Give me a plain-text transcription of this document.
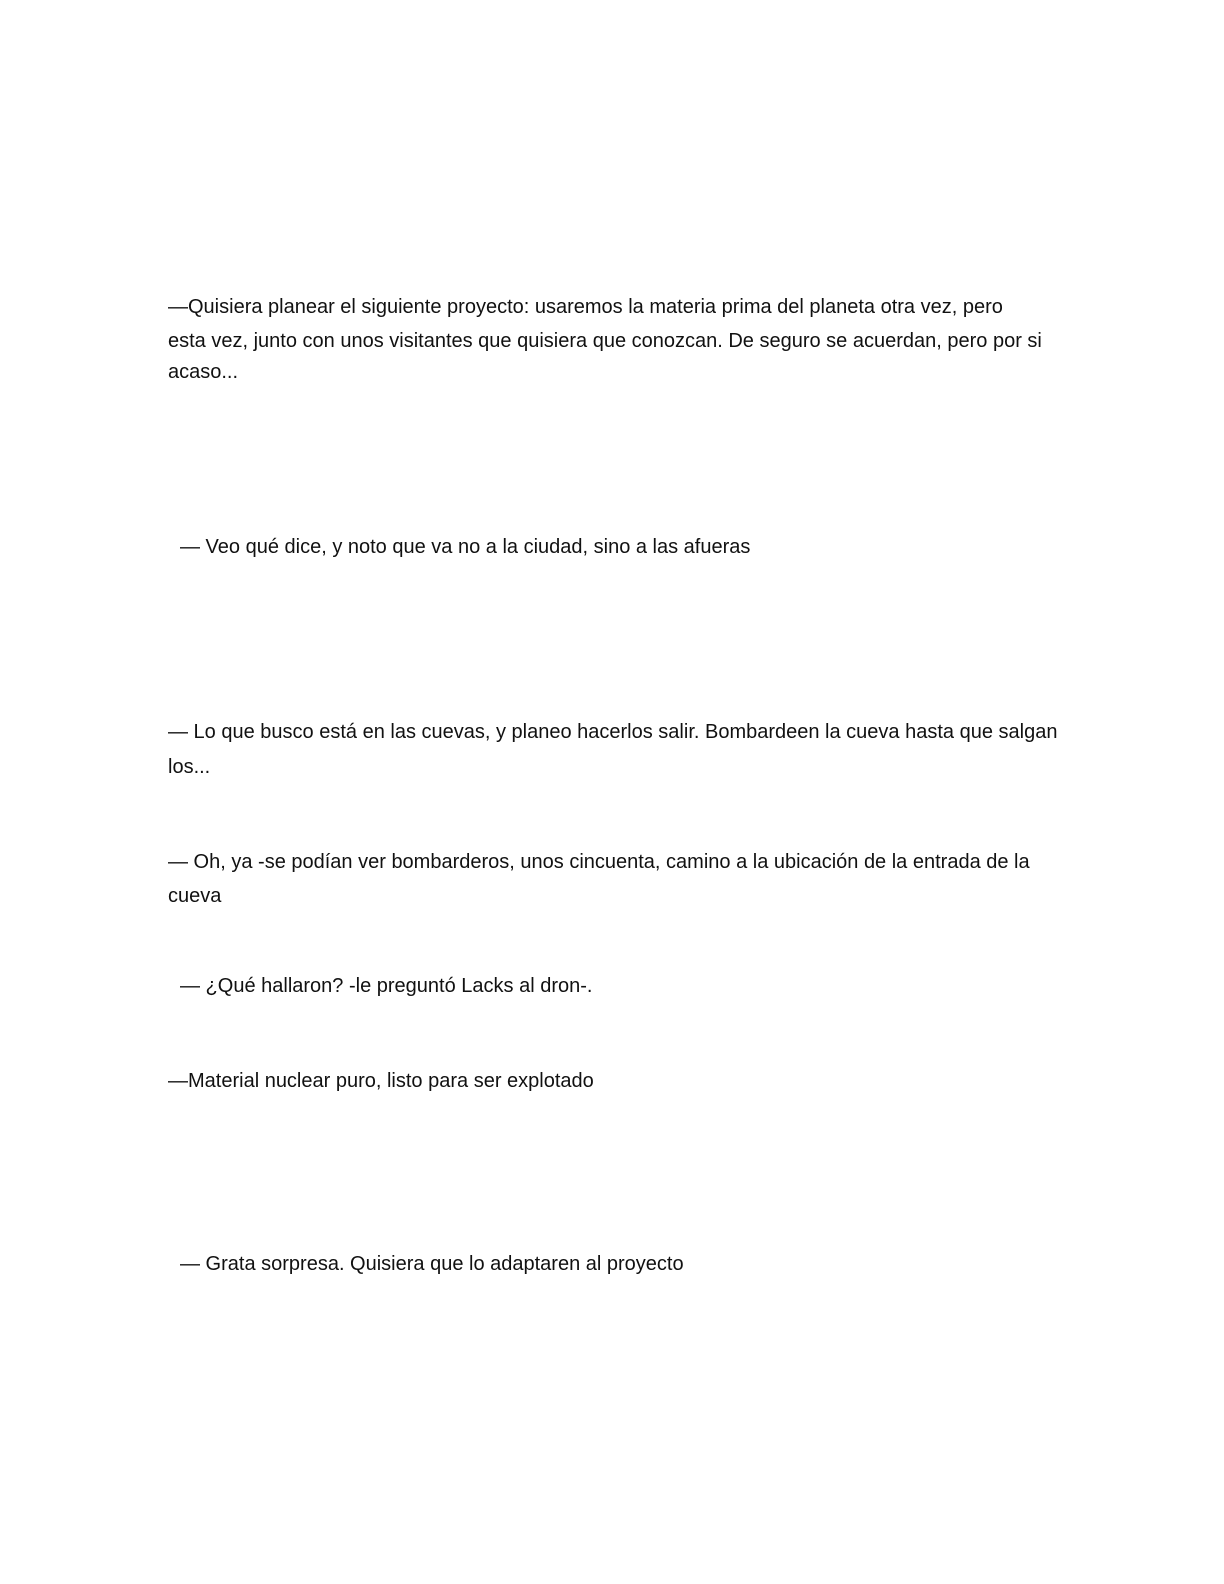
—Quisiera planear el siguiente proyecto: usaremos la materia prima del planeta otra vez, pero
esta vez, junto con unos visitantes que quisiera que conozcan. De seguro se acuerdan, pero por si
acaso...

— Veo qué dice, y noto que va no a la ciudad, sino a las afueras

— Lo que busco está en las cuevas, y planeo hacerlos salir. Bombardeen la cueva hasta que salgan
los...

— Oh, ya -se podían ver bombarderos, unos cincuenta, camino a la ubicación de la entrada de la
cueva

— ¿Qué hallaron? -le preguntó Lacks al dron-.

—Material nuclear puro, listo para ser explotado

— Grata sorpresa. Quisiera que lo adaptaren al proyecto
